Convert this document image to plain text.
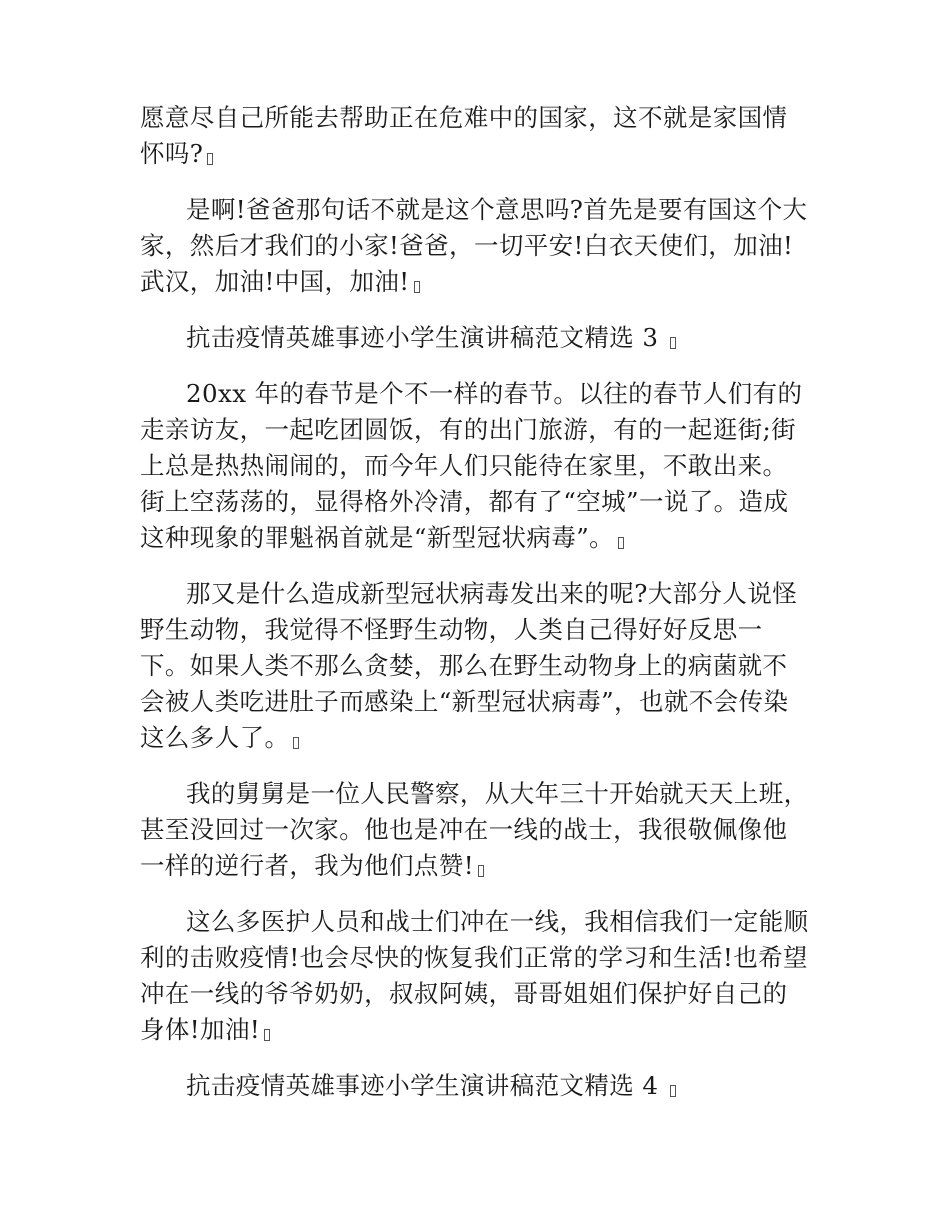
愿意尽自己所能去帮助正在危难中的国家，这不就是家国情怀吗?

是啊!爸爸那句话不就是这个意思吗?首先是要有国这个大家，然后才我们的小家!爸爸，一切平安!白衣天使们，加油!武汉，加油!中国，加油!

抗击疫情英雄事迹小学生演讲稿范文精选 3

20xx 年的春节是个不一样的春节。以往的春节人们有的走亲访友，一起吃团圆饭，有的出门旅游，有的一起逛街;街上总是热热闹闹的，而今年人们只能待在家里，不敢出来。街上空荡荡的，显得格外冷清，都有了“空城”一说了。造成这种现象的罪魁祸首就是“新型冠状病毒”。

那又是什么造成新型冠状病毒发出来的呢?大部分人说怪野生动物，我觉得不怪野生动物，人类自己得好好反思一下。如果人类不那么贪婪，那么在野生动物身上的病菌就不会被人类吃进肚子而感染上“新型冠状病毒”，也就不会传染这么多人了。

我的舅舅是一位人民警察，从大年三十开始就天天上班，甚至没回过一次家。他也是冲在一线的战士，我很敬佩像他一样的逆行者，我为他们点赞!

这么多医护人员和战士们冲在一线，我相信我们一定能顺利的击败疫情!也会尽快的恢复我们正常的学习和生活!也希望冲在一线的爷爷奶奶，叔叔阿姨，哥哥姐姐们保护好自己的身体!加油!

抗击疫情英雄事迹小学生演讲稿范文精选 4
